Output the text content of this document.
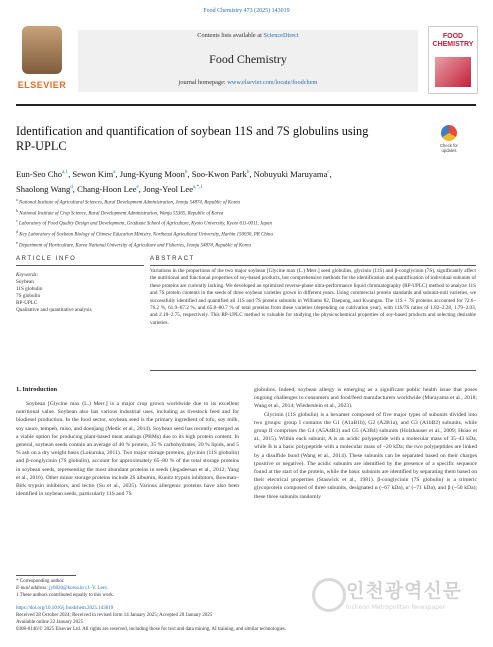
Food Chemistry 473 (2025) 143019
ELSEVIER
Contents lists available at ScienceDirect
Food Chemistry
journal homepage: www.elsevier.com/locate/foodchem
FOOD CHEMISTRY
Identification and quantification of soybean 11S and 7S globulins using
RP-UPLC	Check for updates
Eun-Seo Cho$^{a,1}$, Sewon Kim$^a$, Jung-Kyung Moon$^b$, Soo-Kwon Park$^b$, Nobuyuki Maruyama$^c$,
Shaolong Wang$^d$, Chang-Hoon Lee$^e$, Jong-Yeol Lee$^{a,*,1}$
$^a$ National Institute of Agricultural Sciences, Rural Development Administration, Jeonju 54874, Republic of Korea
$^b$ National Institute of Crop Science, Rural Development Administration, Wanju 55365, Republic of Korea
$^c$ Laboratory of Food Quality Design and Development, Graduate School of Agriculture, Kyoto University, Kyoto 611-0011, Japan
$^d$ Key Laboratory of Soybean Biology of Chinese Education Ministry, Northeast Agricultural University, Harbin 150030, PR China
$^e$ Department of Horticulture, Korea National University of Agriculture and Fisheries, Jeonju 54874, Republic of Korea
ARTICLE INFO	ABSTRACT
Keywords:
Soybean
11S globulin
7S globulin
RP-UPLC
Qualitative and quantitative analysis
Variations in the proportions of the two major soybean [Glycine max (L.) Merr.] seed globulins, glycinin (11S) and β-conglycinin (7S), significantly affect the nutritional and functional properties of soy-based products, but comprehensive methods for the identification and quantification of individual subunits of these proteins are currently lacking. We developed an optimized reverse-phase ultra-performance liquid chromatography (RP-UPLC) method to analyze 11S and 7S protein contents in the seeds of three soybean varieties grown in different years. Using commercial protein standards and subunit-null varieties, we successfully identified and quantified all 11S and 7S protein subunits in Williams 82, Daepung, and Kwangan. The 11S + 7S proteins accounted for 72.6–76.2 %, 61.9–67.2 %, and 65.8–80.7 % of total proteins from these varieties (depending on cultivation year), with 11S/7S ratios of 1.82–2.28, 1.79–2.03, and 2.18–2.75, respectively. This RP-UPLC method is valuable for studying the physicochemical properties of soy-based products and selecting desirable varieties.
1. Introduction

Soybean [Glycine max (L.) Merr.] is a major crop grown worldwide due to its excellent nutritional value. Soybean also has various industrial uses, including as livestock feed and for biodiesel production. In the food sector, soybean seed is the primary ingredient of tofu, soy milk, soy sauce, tempeh, miso, and doenjang (Medic et al., 2014). Soybean seed has recently emerged as a viable option for producing plant-based meat analogs (PBMs) due to its high protein content. In general, soybean seeds contain an average of 40 % protein, 35 % carbohydrates, 20 % lipids, and 5 % ash on a dry weight basis (Lokuruka, 2011). Two major storage proteins, glycinin (11S globulin) and β-conglycinin (7S globulin), account for approximately 65–80 % of the total storage proteins in soybean seeds, representing the most abundant proteins in seeds (Jegadeesan et al., 2012; Yang et al., 2016). Other minor storage proteins include 2S albumin, Kunitz trypsin inhibitors, Bowman–Birk trypsin inhibitors, and lectin (Su et al., 2025). Various allergenic proteins have also been identified in soybean seeds, particularly 11S and 7S

globulins. Indeed, soybean allergy is emerging as a significant public health issue that poses ongoing challenges to consumers and food/feed manufacturers worldwide (Murayama et al., 2018; Wang et al., 2014; Wiederstein et al., 2023).

Glycinin (11S globulin) is a hexamer composed of five major types of subunits divided into two groups: group I contains the G1 (A1aB1b), G2 (A2B1a), and G3 (A1bB2) subunits, while group II comprises the G4 (A5A4B3) and G5 (A3B4) subunits (Holzhauser et al., 2009; Hsiao et al., 2015). Within each subunit, A is an acidic polypeptide with a molecular mass of 35–43 kDa, while B is a basic polypeptide with a molecular mass of ~20 kDa; the two polypeptides are linked by a disulfide bond (Wang et al., 2014). These subunits can be separated based on their charges (positive or negative). The acidic subunits are identified by the presence of a specific sequence found at the start of the protein, while the basic subunits are identified by separating them based on their electrical properties (Staswick et al., 1981). β-conglycinin (7S globulin) is a trimeric glycoprotein composed of three subunits, designated α (~67 kDa), α′ (~71 kDa), and β (~50 kDa); these three subunits randomly

* Corresponding author.
E-mail address: jy0820@korea.kr (J.-Y. Lee).
1 These authors contributed equally to this work.
https://doi.org/10.1016/j.foodchem.2025.143019
Received 28 October 2024; Received in revised form 14 January 2025; Accepted 20 January 2025
Available online 22 January 2025
0308-8146/© 2025 Elsevier Ltd. All rights are reserved, including those for text and data mining, AI training, and similar technologies.
인천광역신문
Incheon Metropolitan Newspaper
